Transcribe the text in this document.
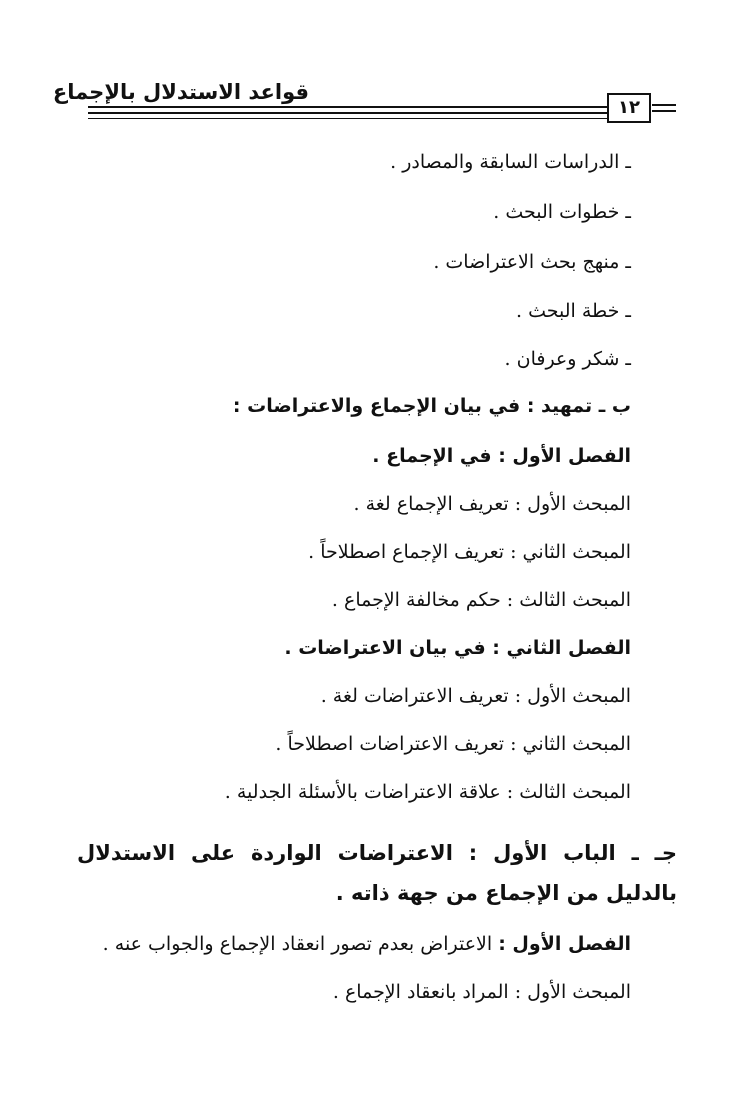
قواعد الاستدلال بالإجماع
١٢
ـ الدراسات السابقة والمصادر .
ـ خطوات البحث .
ـ منهج بحث الاعتراضات .
ـ خطة البحث .
ـ شكر وعرفان .
ب ـ تمهيد : في بيان الإجماع والاعتراضات :
الفصل الأول : في الإجماع .
المبحث الأول : تعريف الإجماع لغة .
المبحث الثاني : تعريف الإجماع اصطلاحاً .
المبحث الثالث : حكم مخالفة الإجماع .
الفصل الثاني : في بيان الاعتراضات .
المبحث الأول : تعريف الاعتراضات لغة .
المبحث الثاني : تعريف الاعتراضات اصطلاحاً .
المبحث الثالث : علاقة الاعتراضات بالأسئلة الجدلية .
جـ ـ الباب الأول : الاعتراضات الواردة على الاستدلال بالدليل من الإجماع من جهة ذاته .
الفصل الأول : الاعتراض بعدم تصور انعقاد الإجماع والجواب عنه .
المبحث الأول : المراد بانعقاد الإجماع .
